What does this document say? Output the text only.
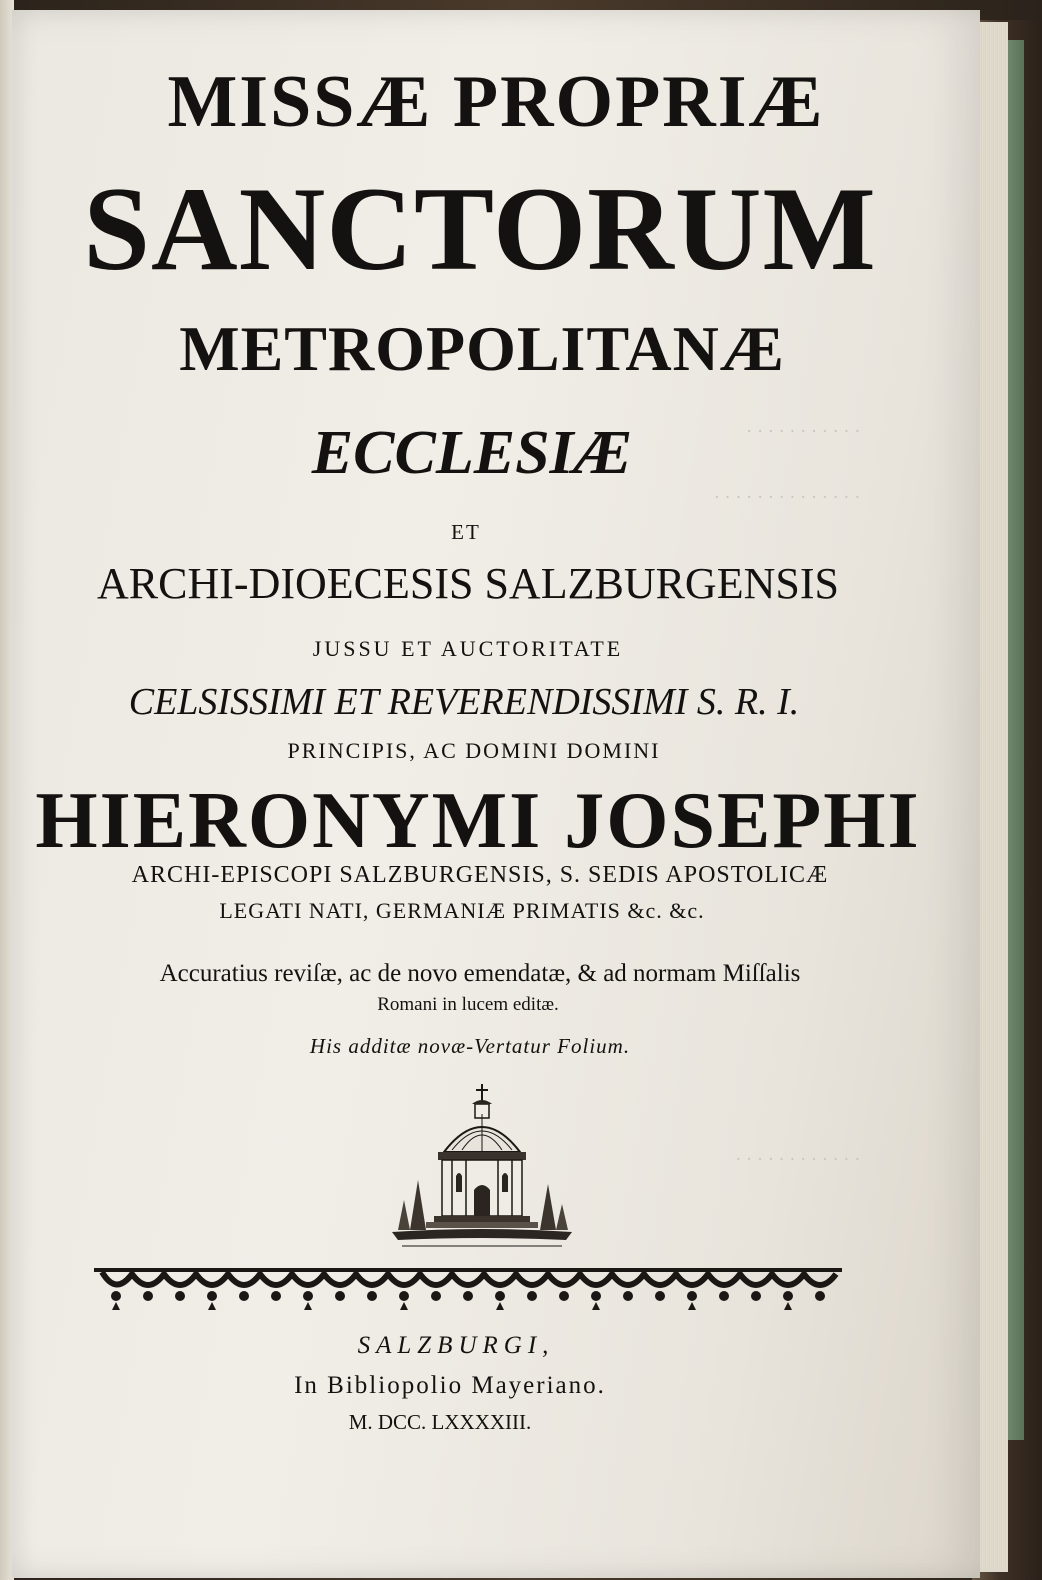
· · · · · · · · · · ·
· · · · · · · · · · · · · ·
· · · · · · · · · · · ·
MISSÆ PROPRIÆ
SANCTORUM
METROPOLITANÆ
ECCLESIÆ
ET
ARCHI-DIOECESIS SALZBURGENSIS
JUSSU ET AUCTORITATE
CELSISSIMI ET REVERENDISSIMI S. R. I.
PRINCIPIS, AC DOMINI DOMINI
HIERONYMI JOSEPHI
ARCHI-EPISCOPI SALZBURGENSIS, S. SEDIS APOSTOLICÆ
LEGATI NATI, GERMANIÆ PRIMATIS &c. &c.
Accuratius reviſæ, ac de novo emendatæ, & ad normam Miſſalis
Romani in lucem editæ.
His additæ novæ-Vertatur Folium.
SALZBURGI,
In Bibliopolio Mayeriano.
M. DCC. LXXXXIII.
